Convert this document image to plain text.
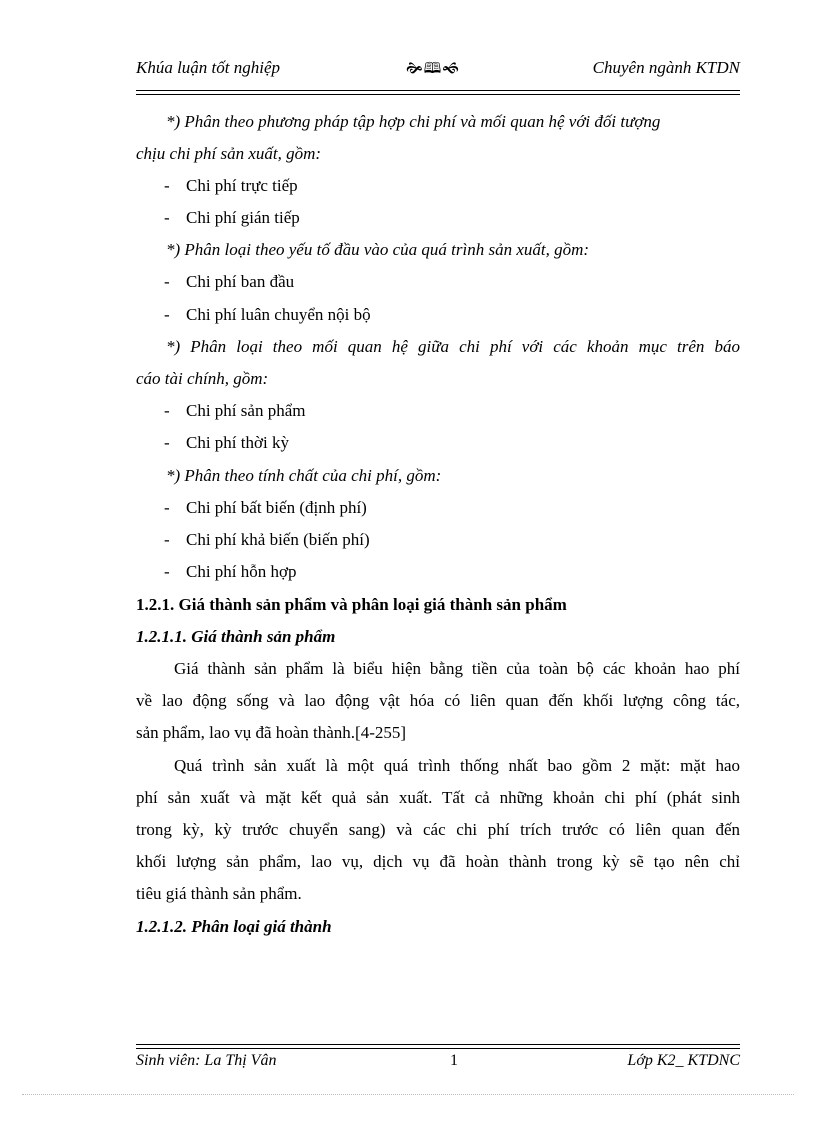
Khúa luận tốt nghiệp	🙞🕮🙜	Chuyên ngành KTDN
*) Phân theo phương pháp tập hợp chi phí và mối quan hệ với đối tượng
chịu chi phí sản xuất, gồm:
- Chi phí trực tiếp
- Chi phí gián tiếp
*) Phân loại theo yếu tố đầu vào của quá trình sản xuất, gồm:
- Chi phí ban đầu
- Chi phí luân chuyển nội bộ
*) Phân loại theo mối quan hệ giữa chi phí với các khoản mục trên báo
cáo tài chính, gồm:
- Chi phí sản phẩm
- Chi phí thời kỳ
*) Phân theo tính chất của chi phí, gồm:
- Chi phí bất biến (định phí)
- Chi phí khả biến (biến phí)
- Chi phí hỗn hợp
1.2.1. Giá thành sản phẩm và phân loại giá thành sản phẩm
1.2.1.1. Giá thành sản phẩm
Giá thành sản phẩm là biểu hiện bằng tiền của toàn bộ các khoản hao phí
về lao động sống và lao động vật hóa có liên quan đến khối lượng công tác,
sản phẩm, lao vụ đã hoàn thành.[4-255]
Quá trình sản xuất là một quá trình thống nhất bao gồm 2 mặt: mặt hao
phí sản xuất và mặt kết quả sản xuất. Tất cả những khoản chi phí (phát sinh
trong kỳ, kỳ trước chuyển sang) và các chi phí trích trước có liên quan đến
khối lượng sản phẩm, lao vụ, dịch vụ đã hoàn thành trong kỳ sẽ tạo nên chỉ
tiêu giá thành sản phẩm.
1.2.1.2. Phân loại giá thành
Sinh viên: La Thị Vân	1	Lớp K2_ KTDNC
